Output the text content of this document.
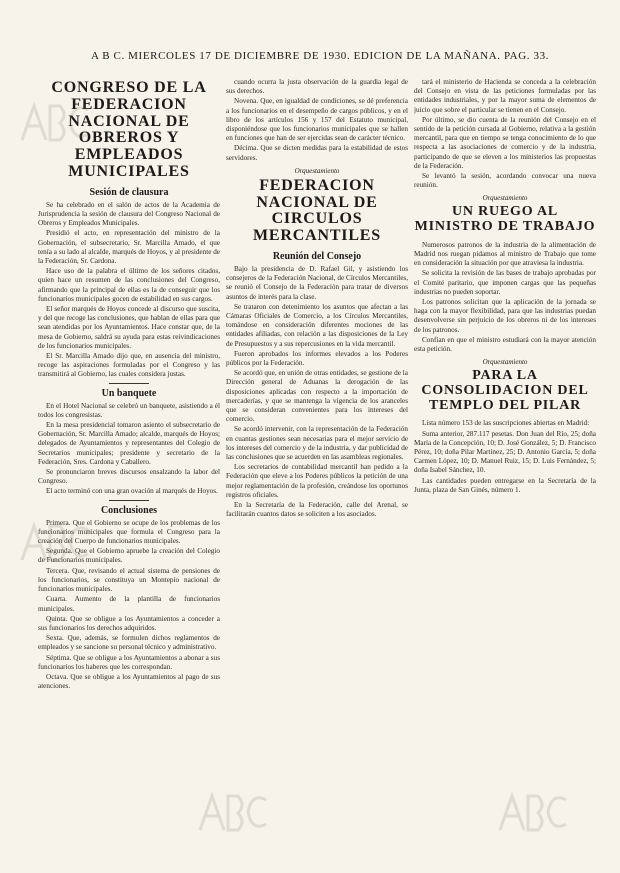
A B C. MIERCOLES 17 DE DICIEMBRE DE 1930. EDICION DE LA MAÑANA. PAG. 33.
CONGRESO DE LA FEDERACION NACIONAL DE OBREROS Y EMPLEADOS MUNICIPALES
Sesión de clausura

Se ha celebrado en el salón de actos de la Academia de Jurisprudencia la sesión de clausura del Congreso Nacional de Obreros y Empleados Municipales.

Presidió el acto, en representación del ministro de la Gobernación, el subsecretario, Sr. Marcilla Amado, el que tenía a su lado al alcalde, marqués de Hoyos, y al presidente de la Federación, Sr. Cardona.

Hace uso de la palabra el último de los señores citados, quien hace un resumen de las conclusiones del Congreso, afirmando que la principal de ellas es la de conseguir que los funcionarios municipales gocen de estabilidad en sus cargos.

El señor marqués de Hoyos concede al discurso que suscita, y del que recoge las conclusiones, que hablan de ellas para que sean atendidas por los Ayuntamientos. Hace constar que, de la mesa de Gobierno, saldrá su ayuda para estas reivindicaciones de los funcionarios municipales.

El Sr. Marcilla Amado dijo que, en ausencia del ministro, recoge las aspiraciones formuladas por el Congreso y las transmitirá al Gobierno, las cuales considera justas.

Un banquete

En el Hotel Nacional se celebró un banquete, asistiendo a él todos los congresistas.

En la mesa presidencial tomaron asiento el subsecretario de Gobernación, Sr. Marcilla Amado; alcalde, marqués de Hoyos; delegados de Ayuntamientos y representantes del Colegio de Secretarios municipales; presidente y secretario de la Federación, Sres. Cardona y Caballero.

Se pronunciaron breves discursos ensalzando la labor del Congreso.

El acto terminó con una gran ovación al marqués de Hoyos.

Conclusiones

Primera. Que el Gobierno se ocupe de los problemas de los funcionarios municipales que formula el Congreso para la creación del Cuerpo de funcionarios municipales.

Segunda. Que el Gobierno apruebe la creación del Colegio de Funcionarios municipales.

Tercera. Que, revisando el actual sistema de pensiones de los funcionarios, se constituya un Montepío nacional de funcionarios municipales.

Cuarta. Aumento de la plantilla de funcionarios municipales.

Quinta. Que se obligue a los Ayuntamientos a conceder a sus funcionarios los derechos adquiridos.

Sexta. Que, además, se formulen dichos reglamentos de empleados y se sancione su personal técnico y administrativo.

Séptima. Que se obligue a los Ayuntamientos a abonar a sus funcionarios los haberes que les correspondan.

Octava. Que se obligue a los Ayuntamientos al pago de sus atenciones.

cuando ocurra la justa observación de la guardia legal de sus derechos.

Novena. Que, en igualdad de condiciones, se dé preferencia a los funcionarios en el desempeño de cargos públicos, y en el libro de los artículos 156 y 157 del Estatuto municipal, disponiéndose que los funcionarios municipales que se hallen en funciones que han de ser ejercidas sean de carácter técnico.

Décima. Que se dicten medidas para la estabilidad de estos servidores.

Orquestamiento
FEDERACION NACIONAL DE CIRCULOS MERCANTILES
Reunión del Consejo

Bajo la presidencia de D. Rafael Gil, y asistiendo los consejeros de la Federación Nacional, de Círculos Mercantiles, se reunió el Consejo de la Federación para tratar de diversos asuntos de interés para la clase.

Se trataron con detenimiento los asuntos que afectan a las Cámaras Oficiales de Comercio, a los Círculos Mercantiles, tomándose en consideración diferentes mociones de las entidades afiliadas, con relación a las disposiciones de la Ley de Presupuestos y a sus repercusiones en la vida mercantil.

Fueron aprobados los informes elevados a los Poderes públicos por la Federación.

Se acordó que, en unión de otras entidades, se gestione de la Dirección general de Aduanas la derogación de las disposiciones aplicadas con respecto a la importación de mercaderías, y que se mantenga la vigencia de los aranceles que se consideran convenientes para los intereses del comercio.

Se acordó intervenir, con la representación de la Federación en cuantas gestiones sean necesarias para el mejor servicio de los intereses del comercio y de la industria, y dar publicidad de las conclusiones que se acuerden en las asambleas regionales.

Los secretarios de contabilidad mercantil han pedido a la Federación que eleve a los Poderes públicos la petición de una mejor reglamentación de la profesión, creándose los oportunos registros oficiales.

En la Secretaría de la Federación, calle del Arenal, se facilitarán cuantos datos se soliciten a los asociados.

tará el ministerio de Hacienda se conceda a la celebración del Consejo en vista de las peticiones formuladas por las entidades industriales, y por la mayor suma de elementos de juicio que sobre el particular se tienen en el Consejo.

Por último, se dio cuenta de la reunión del Consejo en el sentido de la petición cursada al Gobierno, relativa a la gestión mercantil, para que en tiempo se tenga conocimiento de lo que respecta a las asociaciones de comercio y de la industria, participando de que se eleven a los ministerios las propuestas de la Federación.

Se levantó la sesión, acordando convocar una nueva reunión.

Orquestamiento
UN RUEGO AL MINISTRO DE TRABAJO

Numerosos patronos de la industria de la alimentación de Madrid nos ruegan pidamos al ministro de Trabajo que tome en consideración la situación por que atraviesa la industria.

Se solicita la revisión de las bases de trabajo aprobadas por el Comité paritario, que imponen cargas que las pequeñas industrias no pueden soportar.

Los patronos solicitan que la aplicación de la jornada se haga con la mayor flexibilidad, para que las industrias puedan desenvolverse sin perjuicio de los obreros ni de los intereses de los patronos.

Confían en que el ministro estudiará con la mayor atención esta petición.

Orquestamiento
PARA LA CONSOLIDACION DEL TEMPLO DEL PILAR

Lista número 153 de las suscripciones abiertas en Madrid:

Suma anterior, 287.117 pesetas. Don Juan del Río, 25; doña María de la Concepción, 10; D. José González, 5; D. Francisco Pérez, 10; doña Pilar Martínez, 25; D. Antonio García, 5; doña Carmen López, 10; D. Manuel Ruiz, 15; D. Luis Fernández, 5; doña Isabel Sánchez, 10.

Las cantidades pueden entregarse en la Secretaría de la Junta, plaza de San Ginés, número 1.
